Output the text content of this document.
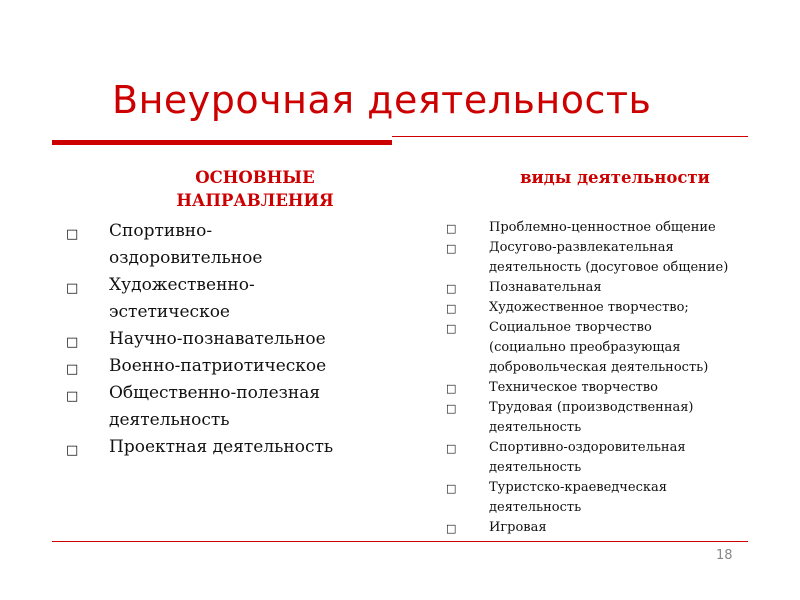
Внеурочная деятельность
ОСНОВНЫЕ
НАПРАВЛЕНИЯ
виды деятельности
□ Спортивно-
оздоровительное
□ Художественно-
эстетическое
□ Научно-познавательное
□ Военно-патриотическое
□ Общественно-полезная
деятельность
□ Проектная деятельность
□	Проблемно-ценностное общение
□	Досугово-развлекательная
деятельность (досуговое общение)
□	Познавательная
□	Художественное творчество;
□	Социальное творчество
(социально преобразующая
добровольческая деятельность)
□	Техническое творчество
□	Трудовая (производственная)
деятельность
□	Спортивно-оздоровительная
деятельность
□	Туристско-краеведческая
деятельность
□	Игровая
18
